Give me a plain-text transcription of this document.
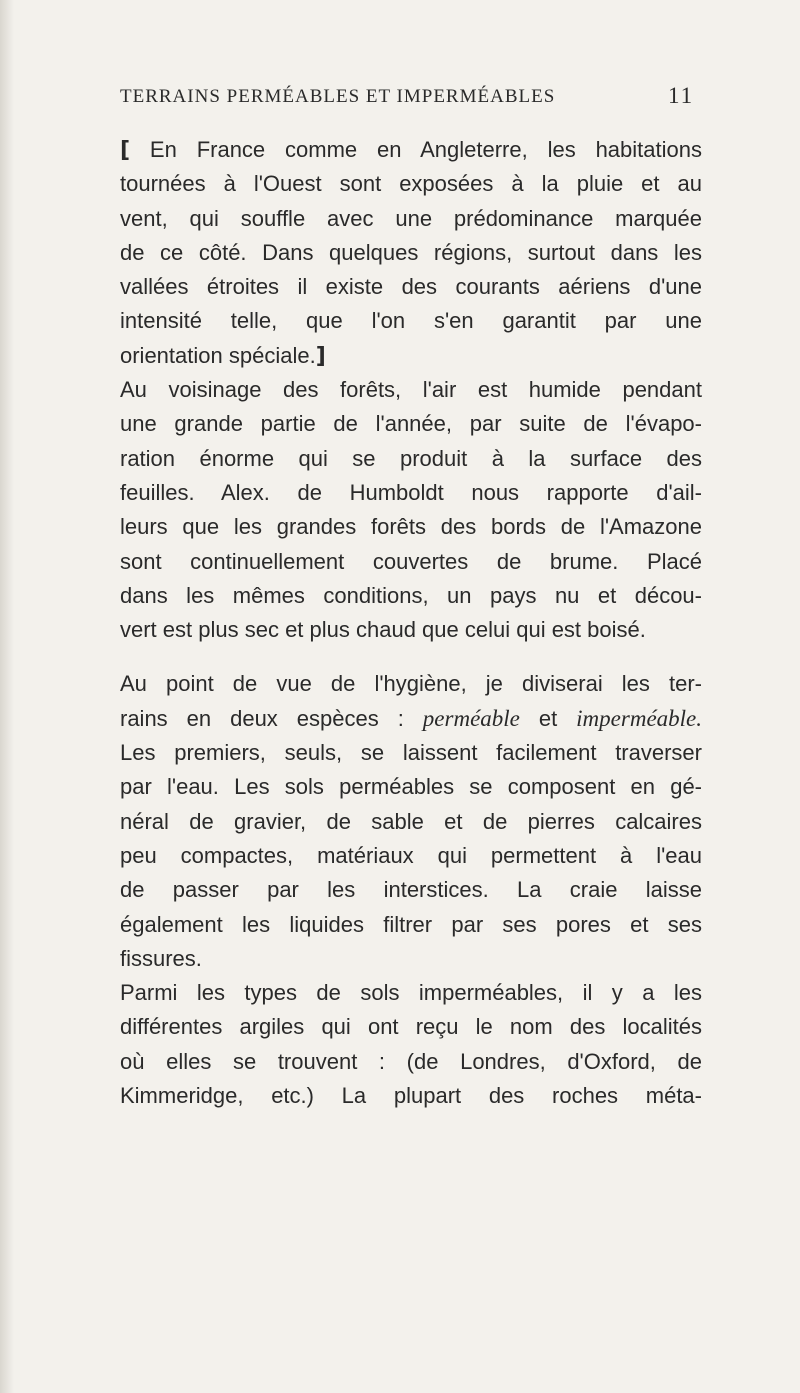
TERRAINS PERMÉABLES ET IMPERMÉABLES	11
[ En France comme en Angleterre, les habitations
tournées à l'Ouest sont exposées à la pluie et au
vent, qui souffle avec une prédominance marquée
de ce côté. Dans quelques régions, surtout dans les
vallées étroites il existe des courants aériens d'une
intensité telle, que l'on s'en garantit par une
orientation spéciale.]
Au voisinage des forêts, l'air est humide pendant
une grande partie de l'année, par suite de l'évapo-
ration énorme qui se produit à la surface des
feuilles. Alex. de Humboldt nous rapporte d'ail-
leurs que les grandes forêts des bords de l'Amazone
sont continuellement couvertes de brume. Placé
dans les mêmes conditions, un pays nu et décou-
vert est plus sec et plus chaud que celui qui est boisé.
Au point de vue de l'hygiène, je diviserai les ter-
rains en deux espèces : perméable et imperméable.
Les premiers, seuls, se laissent facilement traverser
par l'eau. Les sols perméables se composent en gé-
néral de gravier, de sable et de pierres calcaires
peu compactes, matériaux qui permettent à l'eau
de passer par les interstices. La craie laisse
également les liquides filtrer par ses pores et ses
fissures.
Parmi les types de sols imperméables, il y a les
différentes argiles qui ont reçu le nom des localités
où elles se trouvent : (de Londres, d'Oxford, de
Kimmeridge, etc.) La plupart des roches méta-
